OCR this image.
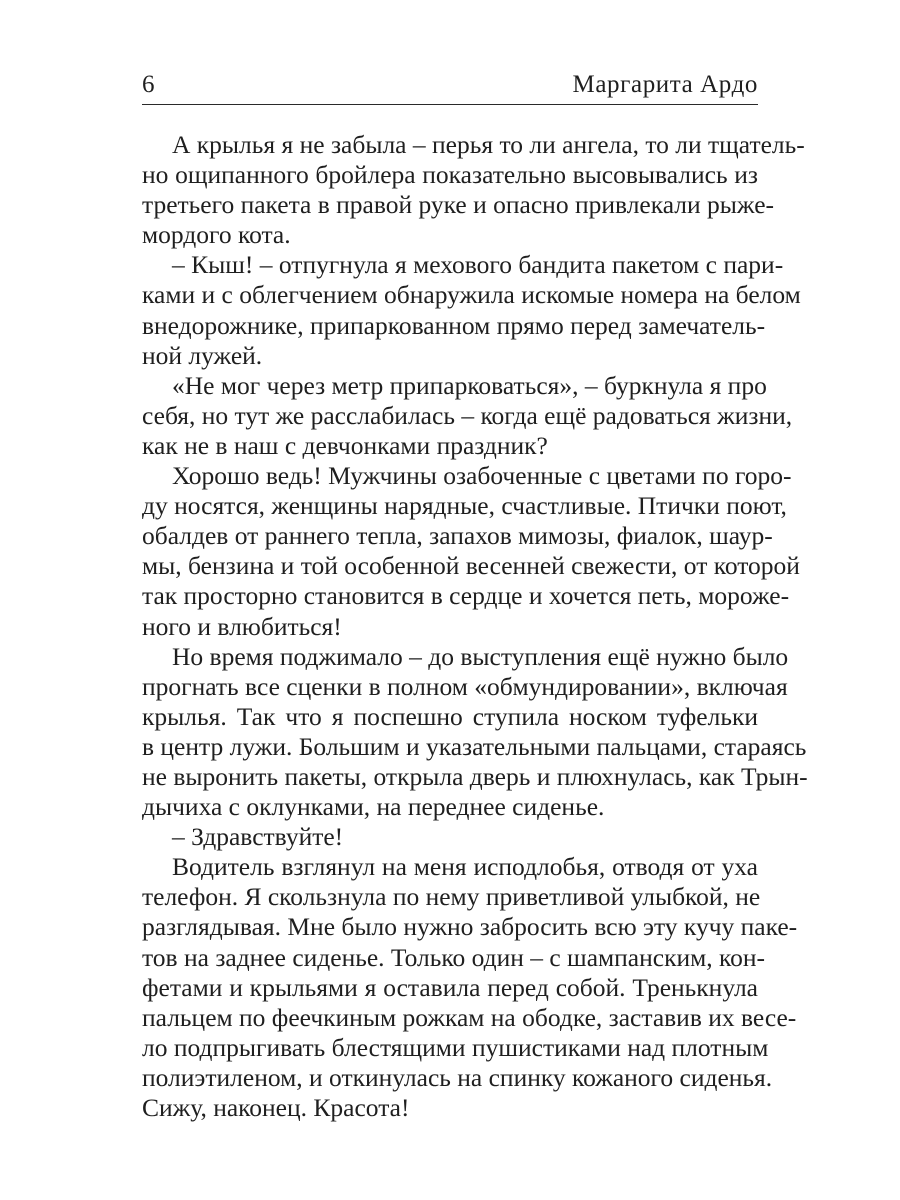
6	Маргарита Ардо
А крылья я не забыла – перья то ли ангела, то ли тщатель-
но ощипанного бройлера показательно высовывались из
третьего пакета в правой руке и опасно привлекали рыже-
мордого кота.
– Кыш! – отпугнула я мехового бандита пакетом с пари-
ками и с облегчением обнаружила искомые номера на белом
внедорожнике, припаркованном прямо перед замечатель-
ной лужей.
«Не мог через метр припарковаться», – буркнула я про
себя, но тут же расслабилась – когда ещё радоваться жизни,
как не в наш с девчонками праздник?
Хорошо ведь! Мужчины озабоченные с цветами по горо-
ду носятся, женщины нарядные, счастливые. Птички поют,
обалдев от раннего тепла, запахов мимозы, фиалок, шаур-
мы, бензина и той особенной весенней свежести, от которой
так просторно становится в сердце и хочется петь, мороже-
ного и влюбиться!
Но время поджимало – до выступления ещё нужно было
прогнать все сценки в полном «обмундировании», включая
крылья. Так что я поспешно ступила носком туфельки
в центр лужи. Большим и указательными пальцами, стараясь
не выронить пакеты, открыла дверь и плюхнулась, как Трын-
дычиха с оклунками, на переднее сиденье.
– Здравствуйте!
Водитель взглянул на меня исподлобья, отводя от уха
телефон. Я скользнула по нему приветливой улыбкой, не
разглядывая. Мне было нужно забросить всю эту кучу паке-
тов на заднее сиденье. Только один – с шампанским, кон-
фетами и крыльями я оставила перед собой. Тренькнула
пальцем по феечкиным рожкам на ободке, заставив их весе-
ло подпрыгивать блестящими пушистиками над плотным
полиэтиленом, и откинулась на спинку кожаного сиденья.
Сижу, наконец. Красота!
